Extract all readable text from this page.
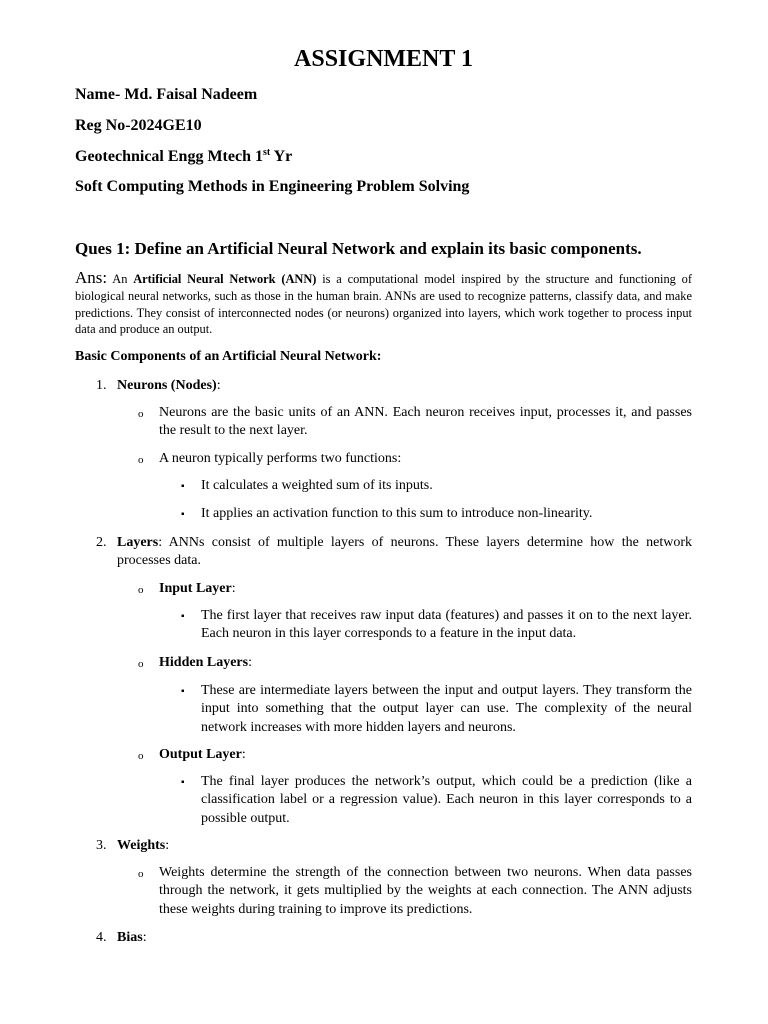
ASSIGNMENT 1
Name- Md. Faisal Nadeem
Reg No-2024GE10
Geotechnical Engg Mtech 1st Yr
Soft Computing Methods in Engineering Problem Solving
Ques 1: Define an Artificial Neural Network and explain its basic components.
Ans: An Artificial Neural Network (ANN) is a computational model inspired by the structure and functioning of biological neural networks, such as those in the human brain. ANNs are used to recognize patterns, classify data, and make predictions. They consist of interconnected nodes (or neurons) organized into layers, which work together to process input data and produce an output.
Basic Components of an Artificial Neural Network:
1. Neurons (Nodes):
o Neurons are the basic units of an ANN. Each neuron receives input, processes it, and passes the result to the next layer.
o A neuron typically performs two functions:
▪ It calculates a weighted sum of its inputs.
▪ It applies an activation function to this sum to introduce non-linearity.
2. Layers: ANNs consist of multiple layers of neurons. These layers determine how the network processes data.
o Input Layer:
▪ The first layer that receives raw input data (features) and passes it on to the next layer. Each neuron in this layer corresponds to a feature in the input data.
o Hidden Layers:
▪ These are intermediate layers between the input and output layers. They transform the input into something that the output layer can use. The complexity of the neural network increases with more hidden layers and neurons.
o Output Layer:
▪ The final layer produces the network’s output, which could be a prediction (like a classification label or a regression value). Each neuron in this layer corresponds to a possible output.
3. Weights:
o Weights determine the strength of the connection between two neurons. When data passes through the network, it gets multiplied by the weights at each connection. The ANN adjusts these weights during training to improve its predictions.
4. Bias:
